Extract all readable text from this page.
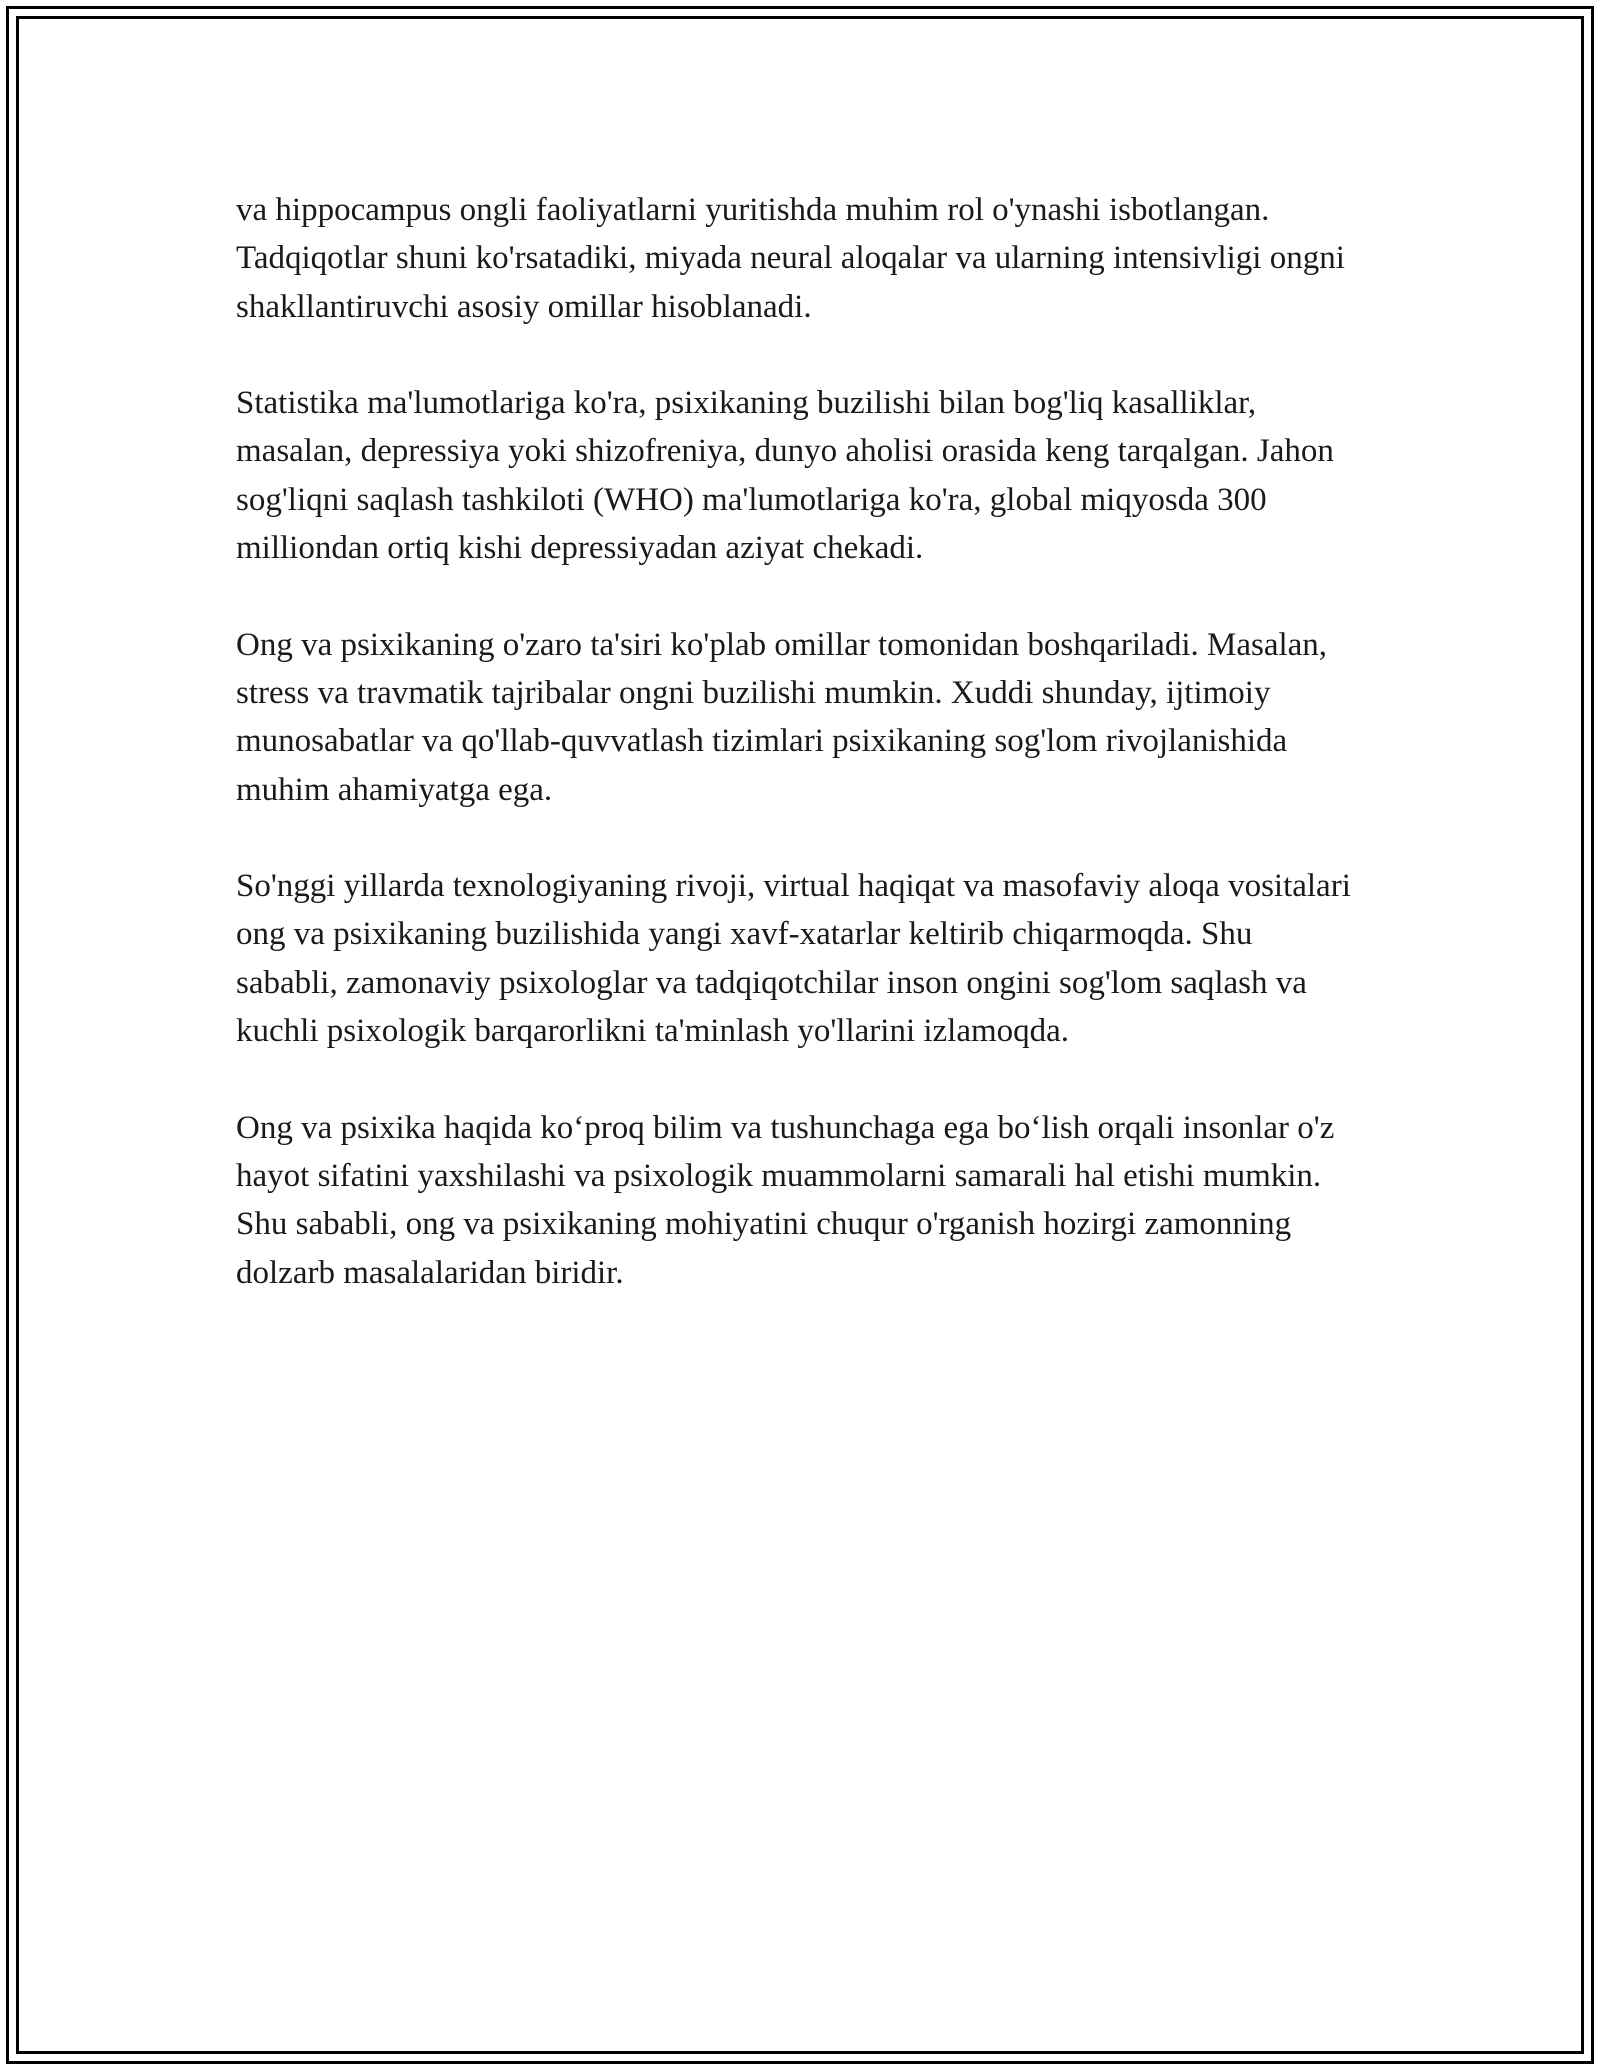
va hippocampus ongli faoliyatlarni yuritishda muhim rol o'ynashi isbotlangan. Tadqiqotlar shuni ko'rsatadiki, miyada neural aloqalar va ularning intensivligi ongni shakllantiruvchi asosiy omillar hisoblanadi.

Statistika ma'lumotlariga ko'ra, psixikaning buzilishi bilan bog'liq kasalliklar, masalan, depressiya yoki shizofreniya, dunyo aholisi orasida keng tarqalgan. Jahon sog'liqni saqlash tashkiloti (WHO) ma'lumotlariga ko'ra, global miqyosda 300 milliondan ortiq kishi depressiyadan aziyat chekadi.

Ong va psixikaning o'zaro ta'siri ko'plab omillar tomonidan boshqariladi. Masalan, stress va travmatik tajribalar ongni buzilishi mumkin. Xuddi shunday, ijtimoiy munosabatlar va qo'llab-quvvatlash tizimlari psixikaning sog'lom rivojlanishida muhim ahamiyatga ega.

So'nggi yillarda texnologiyaning rivoji, virtual haqiqat va masofaviy aloqa vositalari ong va psixikaning buzilishida yangi xavf-xatarlar keltirib chiqarmoqda. Shu sababli, zamonaviy psixologlar va tadqiqotchilar inson ongini sog'lom saqlash va kuchli psixologik barqarorlikni ta'minlash yo'llarini izlamoqda.

Ong va psixika haqida ko‘proq bilim va tushunchaga ega bo‘lish orqali insonlar o'z hayot sifatini yaxshilashi va psixologik muammolarni samarali hal etishi mumkin. Shu sababli, ong va psixikaning mohiyatini chuqur o'rganish hozirgi zamonning dolzarb masalalaridan biridir.
